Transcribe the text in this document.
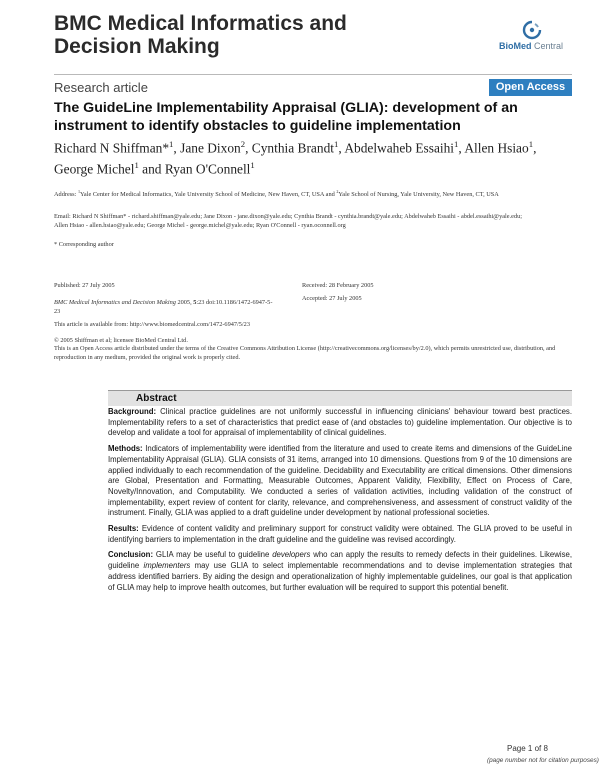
BMC Medical Informatics and
Decision Making	BioMed Central
Research article	Open Access
The GuideLine Implementability Appraisal (GLIA): development of an instrument to identify obstacles to guideline implementation
Richard N Shiffman*$^1$, Jane Dixon$^2$, Cynthia Brandt$^1$, Abdelwaheb Essaihi$^1$, Allen Hsiao$^1$, George Michel$^1$ and Ryan O'Connell$^1$
Address: $^1$Yale Center for Medical Informatics, Yale University School of Medicine, New Haven, CT, USA and $^2$Yale School of Nursing, Yale University, New Haven, CT, USA
Email: Richard N Shiffman* - richard.shiffman@yale.edu; Jane Dixon - jane.dixon@yale.edu; Cynthia Brandt - cynthia.brandt@yale.edu; Abdelwaheb Essaihi - abdel.essaihi@yale.edu; Allen Hsiao - allen.hsiao@yale.edu; George Michel - george.michel@yale.edu; Ryan O'Connell - ryan.oconnell.org
* Corresponding author
Published: 27 July 2005
BMC Medical Informatics and Decision Making 2005, 5:23 doi:10.1186/1472-6947-5-23
Received: 28 February 2005
Accepted: 27 July 2005
This article is available from: http://www.biomedcentral.com/1472-6947/5/23
© 2005 Shiffman et al; licensee BioMed Central Ltd.
This is an Open Access article distributed under the terms of the Creative Commons Attribution License (http://creativecommons.org/licenses/by/2.0), which permits unrestricted use, distribution, and reproduction in any medium, provided the original work is properly cited.
Abstract

Background: Clinical practice guidelines are not uniformly successful in influencing clinicians' behaviour toward best practices. Implementability refers to a set of characteristics that predict ease of (and obstacles to) guideline implementation. Our objective is to develop and validate a tool for appraisal of implementability of clinical guidelines.

Methods: Indicators of implementability were identified from the literature and used to create items and dimensions of the GuideLine Implementability Appraisal (GLIA). GLIA consists of 31 items, arranged into 10 dimensions. Questions from 9 of the 10 dimensions are applied individually to each recommendation of the guideline. Decidability and Executability are critical dimensions. Other dimensions are Global, Presentation and Formatting, Measurable Outcomes, Apparent Validity, Flexibility, Effect on Process of Care, Novelty/Innovation, and Computability. We conducted a series of validation activities, including validation of the construct of implementability, expert review of content for clarity, relevance, and comprehensiveness, and assessment of construct validity of the instrument. Finally, GLIA was applied to a draft guideline under development by national professional societies.

Results: Evidence of content validity and preliminary support for construct validity were obtained. The GLIA proved to be useful in identifying barriers to implementation in the draft guideline and the guideline was revised accordingly.

Conclusion: GLIA may be useful to guideline developers who can apply the results to remedy defects in their guidelines. Likewise, guideline implementers may use GLIA to select implementable recommendations and to devise implementation strategies that address identified barriers. By aiding the design and operationalization of highly implementable guidelines, our goal is that application of GLIA may help to improve health outcomes, but further evaluation will be required to support this potential benefit.

Page 1 of 8
(page number not for citation purposes)
